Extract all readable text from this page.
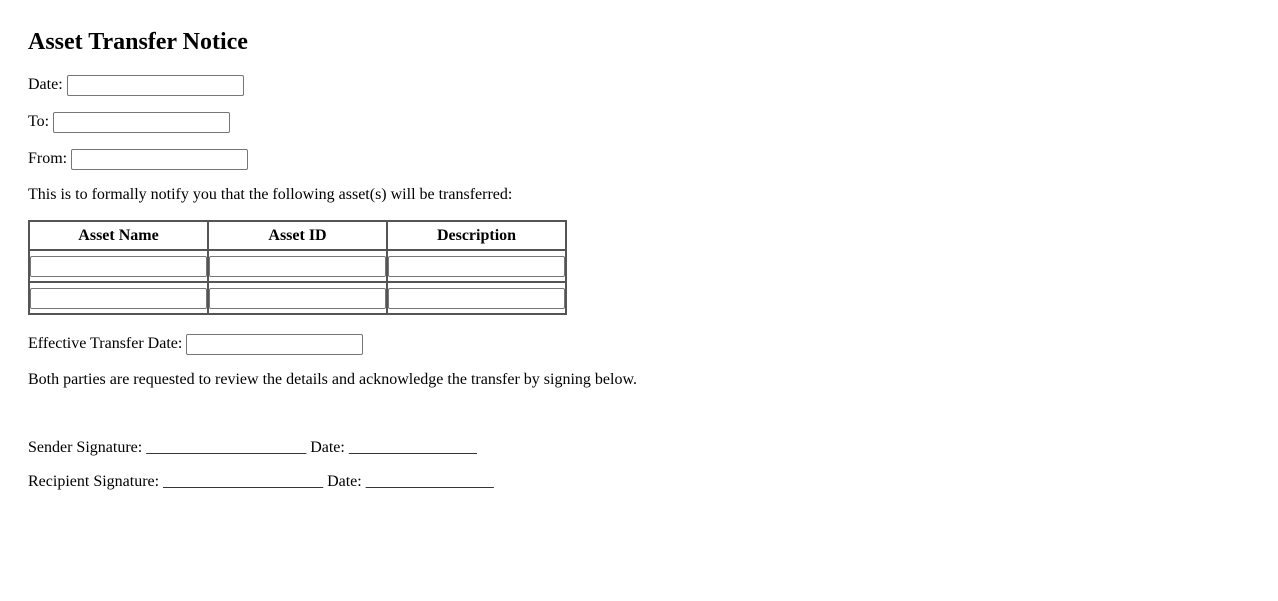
Asset Transfer Notice
Date:
To:
From:
This is to formally notify you that the following asset(s) will be transferred:
Asset Name	Asset ID	Description

Effective Transfer Date:
Both parties are requested to review the details and acknowledge the transfer by signing below.
Sender Signature: ____________________ Date: ________________
Recipient Signature: ____________________ Date: ________________
